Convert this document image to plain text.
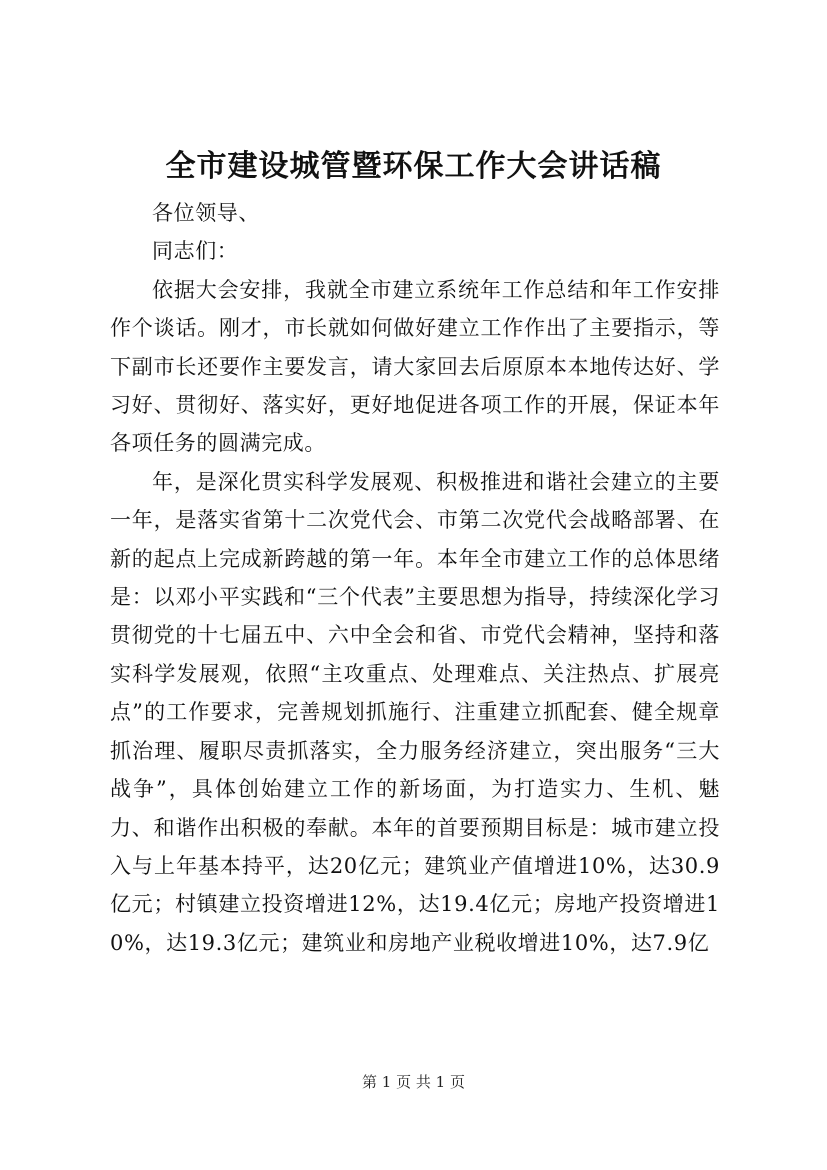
全市建设城管暨环保工作大会讲话稿

各位领导、

同志们：

依据大会安排，我就全市建立系统年工作总结和年工作安排作个谈话。刚才，市长就如何做好建立工作作出了主要指示，等下副市长还要作主要发言，请大家回去后原原本本地传达好、学习好、贯彻好、落实好，更好地促进各项工作的开展，保证本年各项任务的圆满完成。

年，是深化贯实科学发展观、积极推进和谐社会建立的主要一年，是落实省第十二次党代会、市第二次党代会战略部署、在新的起点上完成新跨越的第一年。本年全市建立工作的总体思绪是：以邓小平实践和“三个代表”主要思想为指导，持续深化学习贯彻党的十七届五中、六中全会和省、市党代会精神，坚持和落实科学发展观，依照“主攻重点、处理难点、关注热点、扩展亮点”的工作要求，完善规划抓施行、注重建立抓配套、健全规章抓治理、履职尽责抓落实，全力服务经济建立，突出服务“三大战争”，具体创始建立工作的新场面，为打造实力、生机、魅力、和谐作出积极的奉献。本年的首要预期目标是：城市建立投入与上年基本持平，达20亿元；建筑业产值增进10%，达30.9亿元；村镇建立投资增进12%，达19.4亿元；房地产投资增进10%，达19.3亿元；建筑业和房地产业税收增进10%，达7.9亿

第 1 页 共 1 页
